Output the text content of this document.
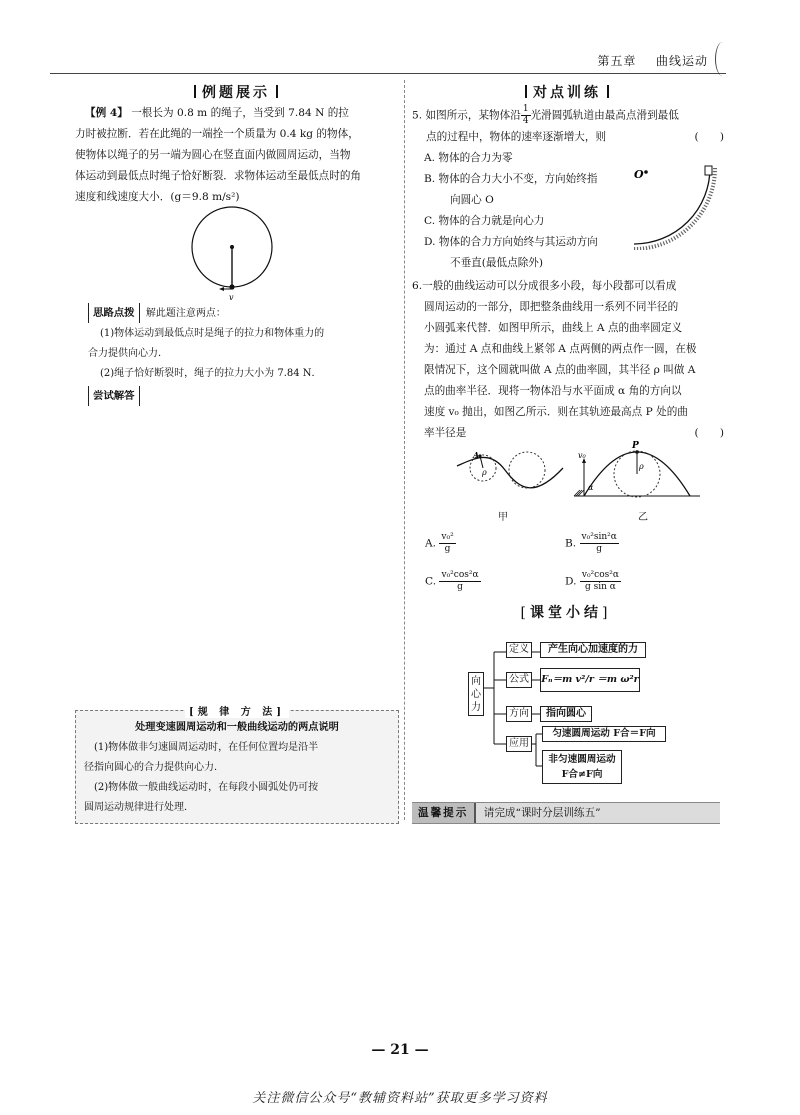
第五章 曲线运动
例题展示
【例 4】 一根长为 0.8 m 的绳子，当受到 7.84 N 的拉
力时被拉断．若在此绳的一端拴一个质量为 0.4 kg 的物体，
使物体以绳子的另一端为圆心在竖直面内做圆周运动，当物
体运动到最低点时绳子恰好断裂．求物体运动至最低点时的角
速度和线速度大小．(g＝9.8 m/s²)
v
思路点拨 解此题注意两点：
(1)物体运动到最低点时是绳子的拉力和物体重力的
合力提供向心力．
(2)绳子恰好断裂时，绳子的拉力大小为 7.84 N．
尝试解答
[规 律 方 法]
处理变速圆周运动和一般曲线运动的两点说明
(1)物体做非匀速圆周运动时，在任何位置均是沿半
径指向圆心的合力提供向心力．
(2)物体做一般曲线运动时，在每段小圆弧处仍可按
圆周运动规律进行处理．
对点训练
5. 如图所示，某物体沿 $\frac{1}{4}$ 光滑圆弧轨道由最高点滑到最低
点的过程中，物体的速率逐渐增大，则	(　　)
A. 物体的合力为零
B. 物体的合力大小不变，方向始终指
向圆心 O
C. 物体的合力就是向心力
D. 物体的合力方向始终与其运动方向
不垂直(最低点除外)
O
6.一般的曲线运动可以分成很多小段，每小段都可以看成
圆周运动的一部分，即把整条曲线用一系列不同半径的
小圆弧来代替．如图甲所示，曲线上 A 点的曲率圆定义
为：通过 A 点和曲线上紧邻 A 点两侧的两点作一圆，在极
限情况下，这个圆就叫做 A 点的曲率圆，其半径 ρ 叫做 A
点的曲率半径．现将一物体沿与水平面成 α 角的方向以
速度 v₀ 抛出，如图乙所示．则在其轨迹最高点 P 处的曲
率半径是	(　　)
A
ρ
甲
P
ρ
v₀
α
乙
A. $\frac{\text{v₀²}}{g}$	B. $\frac{\text{v₀²sin²α}}{g}$
C. $\frac{\text{v₀²cos²α}}{g}$	D. $\frac{\text{v₀²cos²α}}{\text{g sin α}}$
[课堂小结]
向心力
定义	产生向心加速度的力
公式	Fₙ＝m v²/r ＝m ω²r
方向	指向圆心
应用
匀速圆周运动 F合＝F向
非匀速圆周运动
F合≠F向
温馨提示 请完成“课时分层训练五”
— 21 —
关注微信公众号“教辅资料站”获取更多学习资料
